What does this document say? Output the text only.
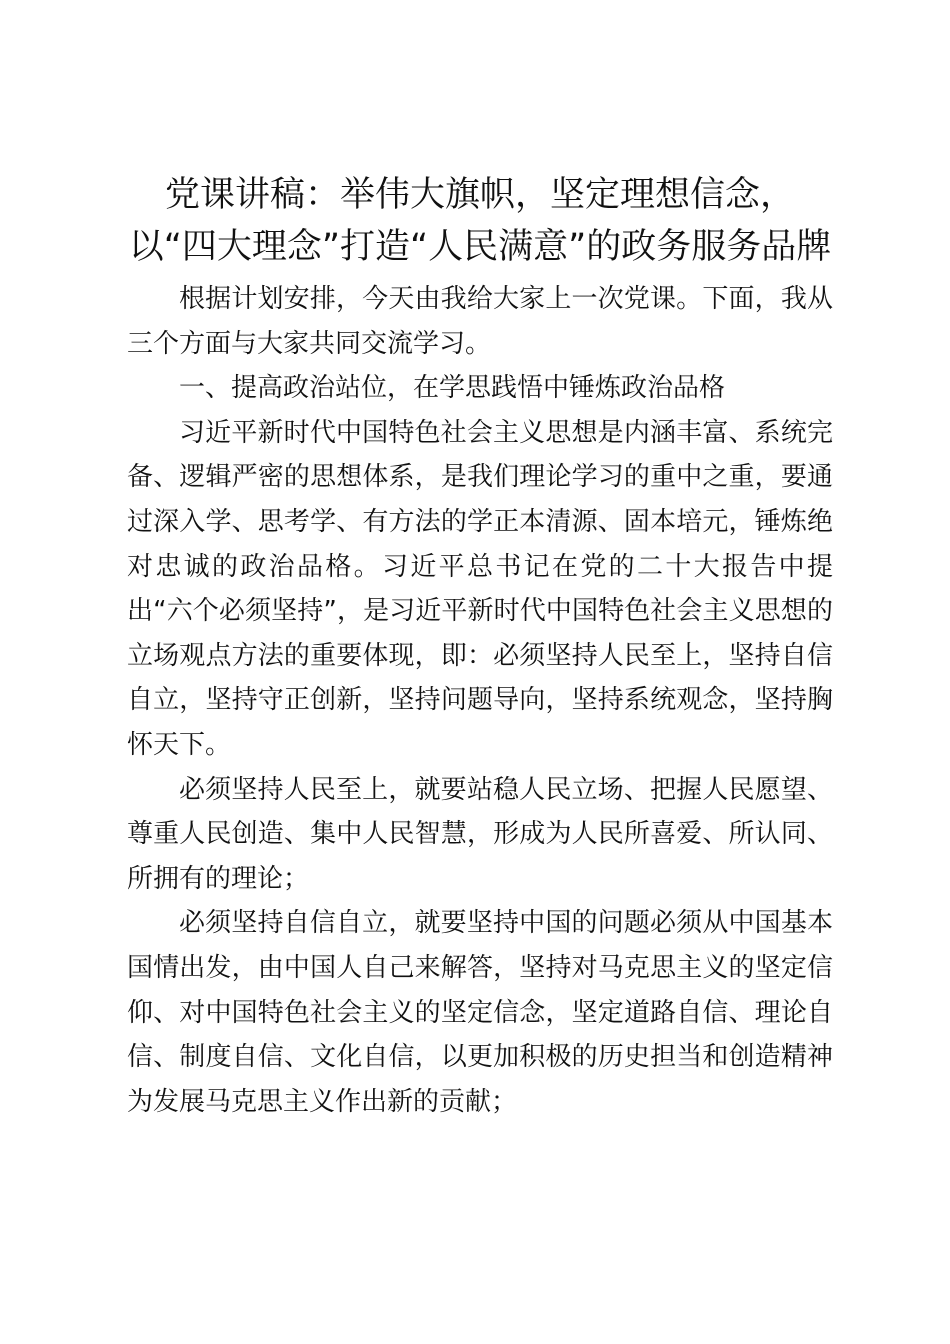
党课讲稿：举伟大旗帜，坚定理想信念，
以“四大理念”打造“人民满意”的政务服务品牌

根据计划安排，今天由我给大家上一次党课。下面，我从三个方面与大家共同交流学习。

一、提高政治站位，在学思践悟中锤炼政治品格

习近平新时代中国特色社会主义思想是内涵丰富、系统完备、逻辑严密的思想体系，是我们理论学习的重中之重，要通过深入学、思考学、有方法的学正本清源、固本培元，锤炼绝对忠诚的政治品格。习近平总书记在党的二十大报告中提出“六个必须坚持”，是习近平新时代中国特色社会主义思想的立场观点方法的重要体现，即：必须坚持人民至上，坚持自信自立，坚持守正创新，坚持问题导向，坚持系统观念，坚持胸怀天下。

必须坚持人民至上，就要站稳人民立场、把握人民愿望、尊重人民创造、集中人民智慧，形成为人民所喜爱、所认同、所拥有的理论；

必须坚持自信自立，就要坚持中国的问题必须从中国基本国情出发，由中国人自己来解答，坚持对马克思主义的坚定信仰、对中国特色社会主义的坚定信念，坚定道路自信、理论自信、制度自信、文化自信，以更加积极的历史担当和创造精神为发展马克思主义作出新的贡献；
